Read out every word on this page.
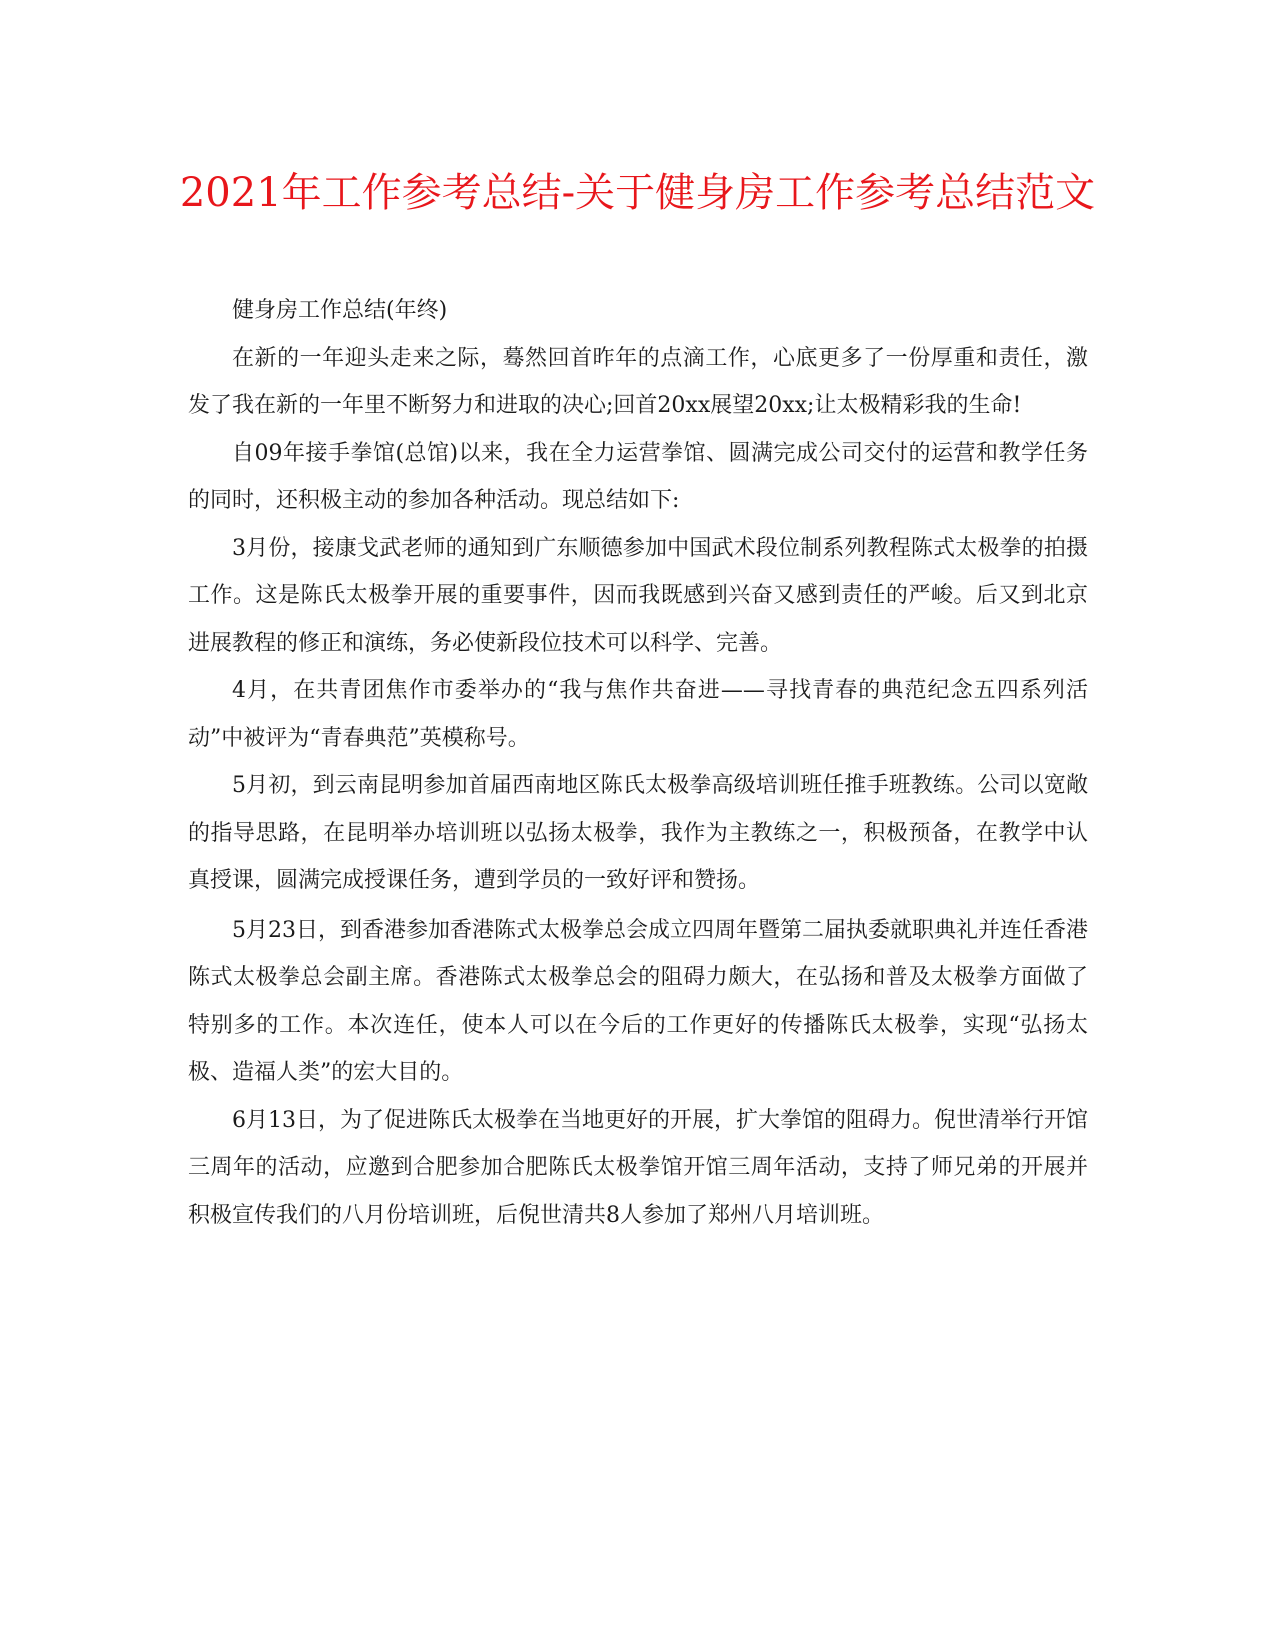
2021年工作参考总结-关于健身房工作参考总结范文

健身房工作总结(年终)

在新的一年迎头走来之际，蓦然回首昨年的点滴工作，心底更多了一份厚重和责任，激发了我在新的一年里不断努力和进取的决心;回首20xx展望20xx;让太极精彩我的生命!

自09年接手拳馆(总馆)以来，我在全力运营拳馆、圆满完成公司交付的运营和教学任务的同时，还积极主动的参加各种活动。现总结如下:

3月份，接康戈武老师的通知到广东顺德参加中国武术段位制系列教程陈式太极拳的拍摄工作。这是陈氏太极拳开展的重要事件，因而我既感到兴奋又感到责任的严峻。后又到北京进展教程的修正和演练，务必使新段位技术可以科学、完善。

4月，在共青团焦作市委举办的“我与焦作共奋进——寻找青春的典范纪念五四系列活动”中被评为“青春典范”英模称号。

5月初，到云南昆明参加首届西南地区陈氏太极拳高级培训班任推手班教练。公司以宽敞的指导思路，在昆明举办培训班以弘扬太极拳，我作为主教练之一，积极预备，在教学中认真授课，圆满完成授课任务，遭到学员的一致好评和赞扬。

5月23日，到香港参加香港陈式太极拳总会成立四周年暨第二届执委就职典礼并连任香港陈式太极拳总会副主席。香港陈式太极拳总会的阻碍力颇大，在弘扬和普及太极拳方面做了特别多的工作。本次连任，使本人可以在今后的工作更好的传播陈氏太极拳，实现“弘扬太极、造福人类”的宏大目的。

6月13日，为了促进陈氏太极拳在当地更好的开展，扩大拳馆的阻碍力。倪世清举行开馆三周年的活动，应邀到合肥参加合肥陈氏太极拳馆开馆三周年活动，支持了师兄弟的开展并积极宣传我们的八月份培训班，后倪世清共8人参加了郑州八月培训班。
